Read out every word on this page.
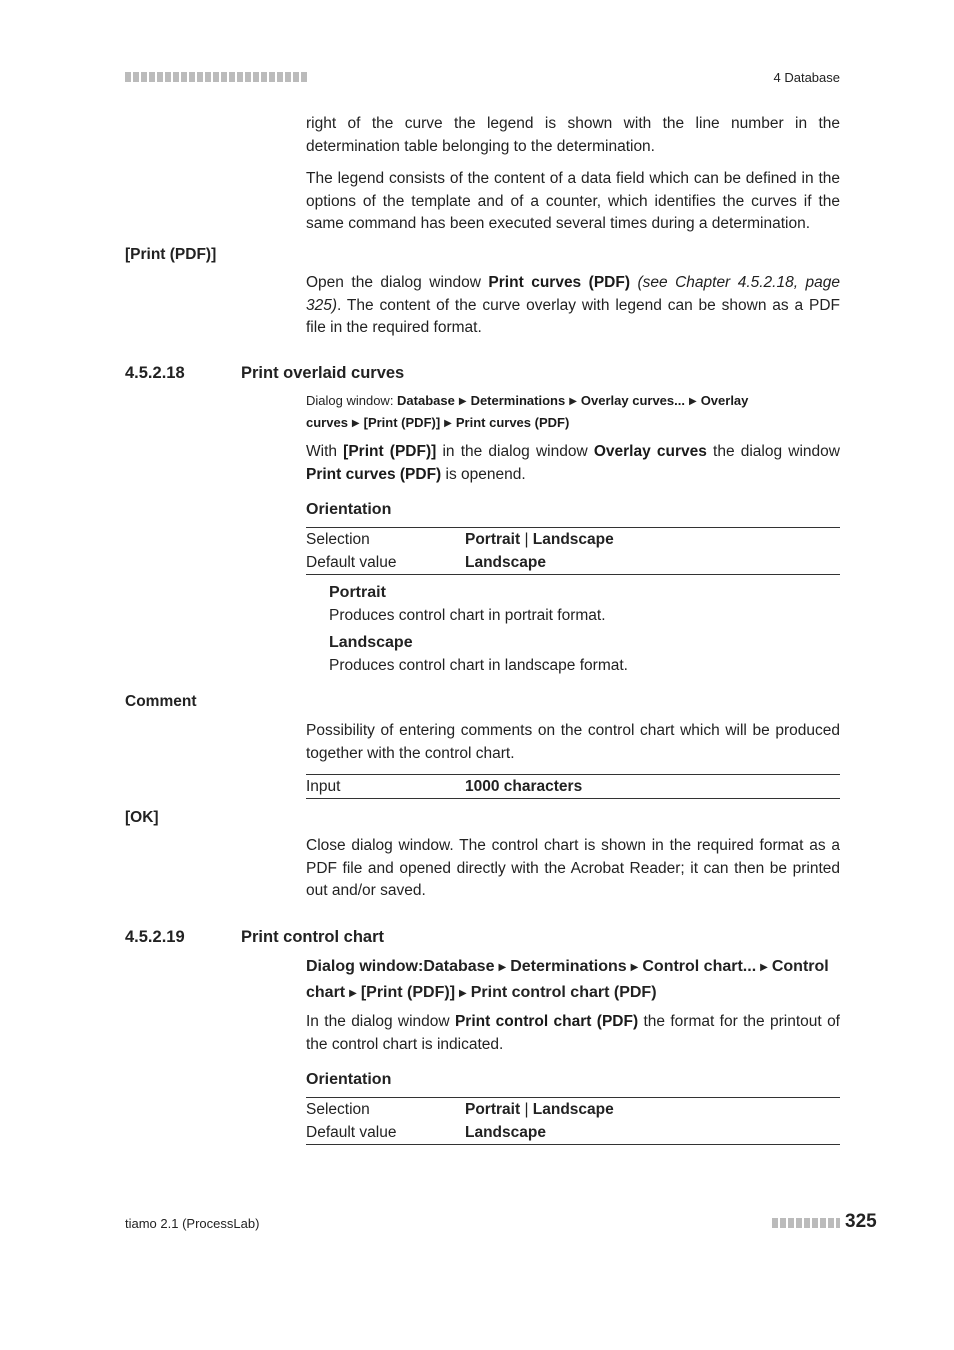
4 Database
right of the curve the legend is shown with the line number in the determination table belonging to the determination.
The legend consists of the content of a data field which can be defined in the options of the template and of a counter, which identifies the curves if the same command has been executed several times during a determination.
[Print (PDF)]
Open the dialog window Print curves (PDF) (see Chapter 4.5.2.18, page 325). The content of the curve overlay with legend can be shown as a PDF file in the required format.
4.5.2.18	Print overlaid curves
Dialog window: Database ▶ Determinations ▶ Overlay curves... ▶ Overlay curves ▶ [Print (PDF)] ▶ Print curves (PDF)
With [Print (PDF)] in the dialog window Overlay curves the dialog window Print curves (PDF) is openend.
Orientation
Selection	Portrait | Landscape
Default value	Landscape
Portrait
Produces control chart in portrait format.
Landscape
Produces control chart in landscape format.
Comment
Possibility of entering comments on the control chart which will be produced together with the control chart.
Input	1000 characters
[OK]
Close dialog window. The control chart is shown in the required format as a PDF file and opened directly with the Acrobat Reader; it can then be printed out and/or saved.
4.5.2.19	Print control chart
Dialog window:Database ▶ Determinations ▶ Control chart... ▶ Control chart ▶ [Print (PDF)] ▶ Print control chart (PDF)
In the dialog window Print control chart (PDF) the format for the printout of the control chart is indicated.
Orientation
Selection	Portrait | Landscape
Default value	Landscape
tiamo 2.1 (ProcessLab)	325
